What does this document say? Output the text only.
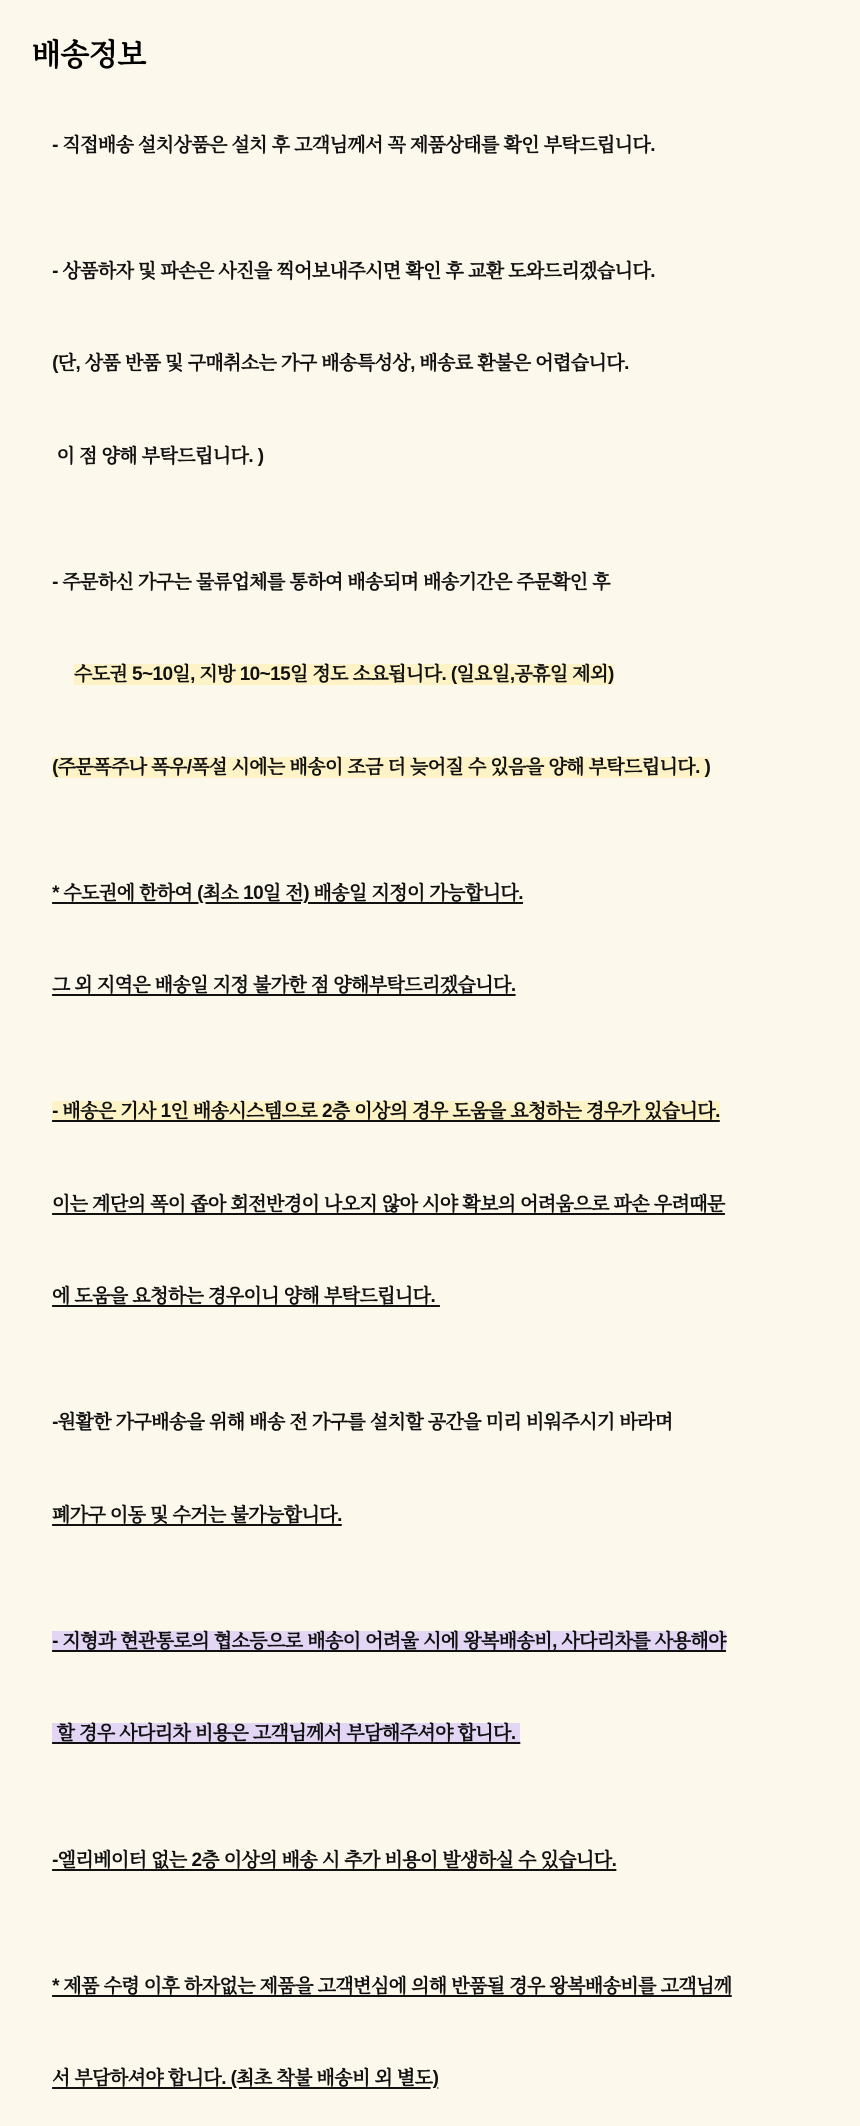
배송정보

- 직접배송 설치상품은 설치 후 고객님께서 꼭 제품상태를 확인 부탁드립니다.

- 상품하자 및 파손은 사진을 찍어보내주시면 확인 후 교환 도와드리겠습니다.

(단, 상품 반품 및 구매취소는 가구 배송특성상, 배송료 환불은 어렵습니다.

이 점 양해 부탁드립니다. )

- 주문하신 가구는 물류업체를 통하여 배송되며 배송기간은 주문확인 후

수도권 5~10일, 지방 10~15일 정도 소요됩니다. (일요일,공휴일 제외)

(주문폭주나 폭우/폭설 시에는 배송이 조금 더 늦어질 수 있음을 양해 부탁드립니다. )

* 수도권에 한하여 (최소 10일 전) 배송일 지정이 가능합니다.

그 외 지역은 배송일 지정 불가한 점 양해부탁드리겠습니다.

- 배송은 기사 1인 배송시스템으로 2층 이상의 경우 도움을 요청하는 경우가 있습니다.

이는 계단의 폭이 좁아 회전반경이 나오지 않아 시야 확보의 어려움으로 파손 우려때문

에 도움을 요청하는 경우이니 양해 부탁드립니다.

-원활한 가구배송을 위해 배송 전 가구를 설치할 공간을 미리 비워주시기 바라며

폐가구 이동 및 수거는 불가능합니다.

- 지형과 현관통로의 협소등으로 배송이 어려울 시에 왕복배송비, 사다리차를 사용해야

할 경우 사다리차 비용은 고객님께서 부담해주셔야 합니다.

-엘리베이터 없는 2층 이상의 배송 시 추가 비용이 발생하실 수 있습니다.

* 제품 수령 이후 하자없는 제품을 고객변심에 의해 반품될 경우 왕복배송비를 고객님께

서 부담하셔야 합니다. (최초 착불 배송비 외 별도)
